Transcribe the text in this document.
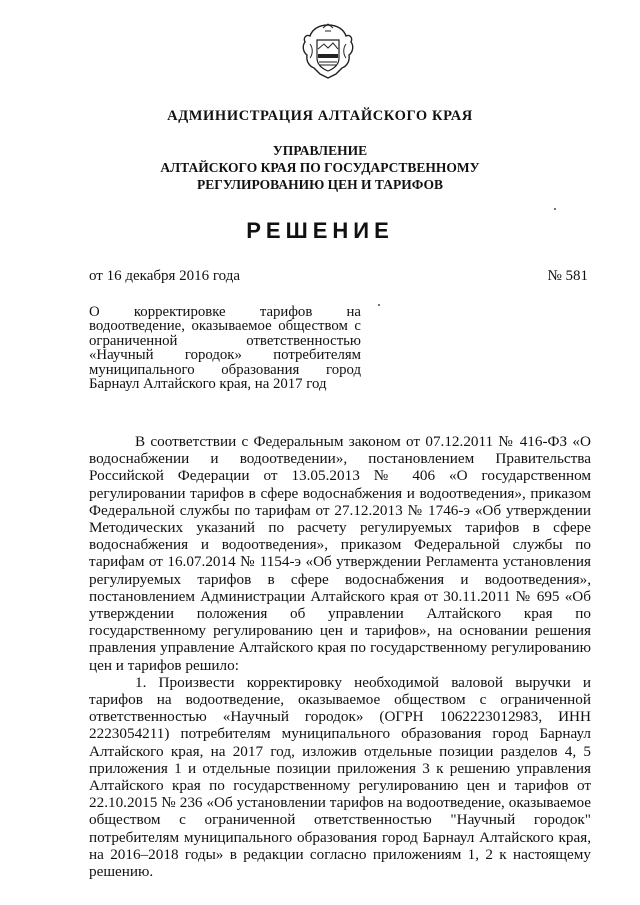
АДМИНИСТРАЦИЯ АЛТАЙСКОГО КРАЯ
УПРАВЛЕНИЕ
АЛТАЙСКОГО КРАЯ ПО ГОСУДАРСТВЕННОМУ
РЕГУЛИРОВАНИЮ ЦЕН И ТАРИФОВ
РЕШЕНИЕ
от 16 декабря 2016 года	№ 581
О корректировке тарифов на водоотведение, оказываемое обществом с ограниченной ответственностью «Научный городок» потребителям муниципального образования город Барнаул Алтайского края, на 2017 год

В соответствии с Федеральным законом от 07.12.2011 № 416-ФЗ «О водоснабжении и водоотведении», постановлением Правительства Российской Федерации от 13.05.2013 № 406 «О государственном регулировании тарифов в сфере водоснабжения и водоотведения», приказом Федеральной службы по тарифам от 27.12.2013 № 1746-э «Об утверждении Методических указаний по расчету регулируемых тарифов в сфере водоснабжения и водоотведения», приказом Федеральной службы по тарифам от 16.07.2014 № 1154-э «Об утверждении Регламента установления регулируемых тарифов в сфере водоснабжения и водоотведения», постановлением Администрации Алтайского края от 30.11.2011 № 695 «Об утверждении положения об управлении Алтайского края по государственному регулированию цен и тарифов», на основании решения правления управление Алтайского края по государственному регулированию цен и тарифов решило:

1. Произвести корректировку необходимой валовой выручки и тарифов на водоотведение, оказываемое обществом с ограниченной ответственностью «Научный городок» (ОГРН 1062223012983, ИНН 2223054211) потребителям муниципального образования город Барнаул Алтайского края, на 2017 год, изложив отдельные позиции разделов 4, 5 приложения 1 и отдельные позиции приложения 3 к решению управления Алтайского края по государственному регулированию цен и тарифов от 22.10.2015 № 236 «Об установлении тарифов на водоотведение, оказываемое обществом с ограниченной ответственностью "Научный городок" потребителям муниципального образования город Барнаул Алтайского края, на 2016–2018 годы» в редакции согласно приложениям 1, 2 к настоящему решению.
